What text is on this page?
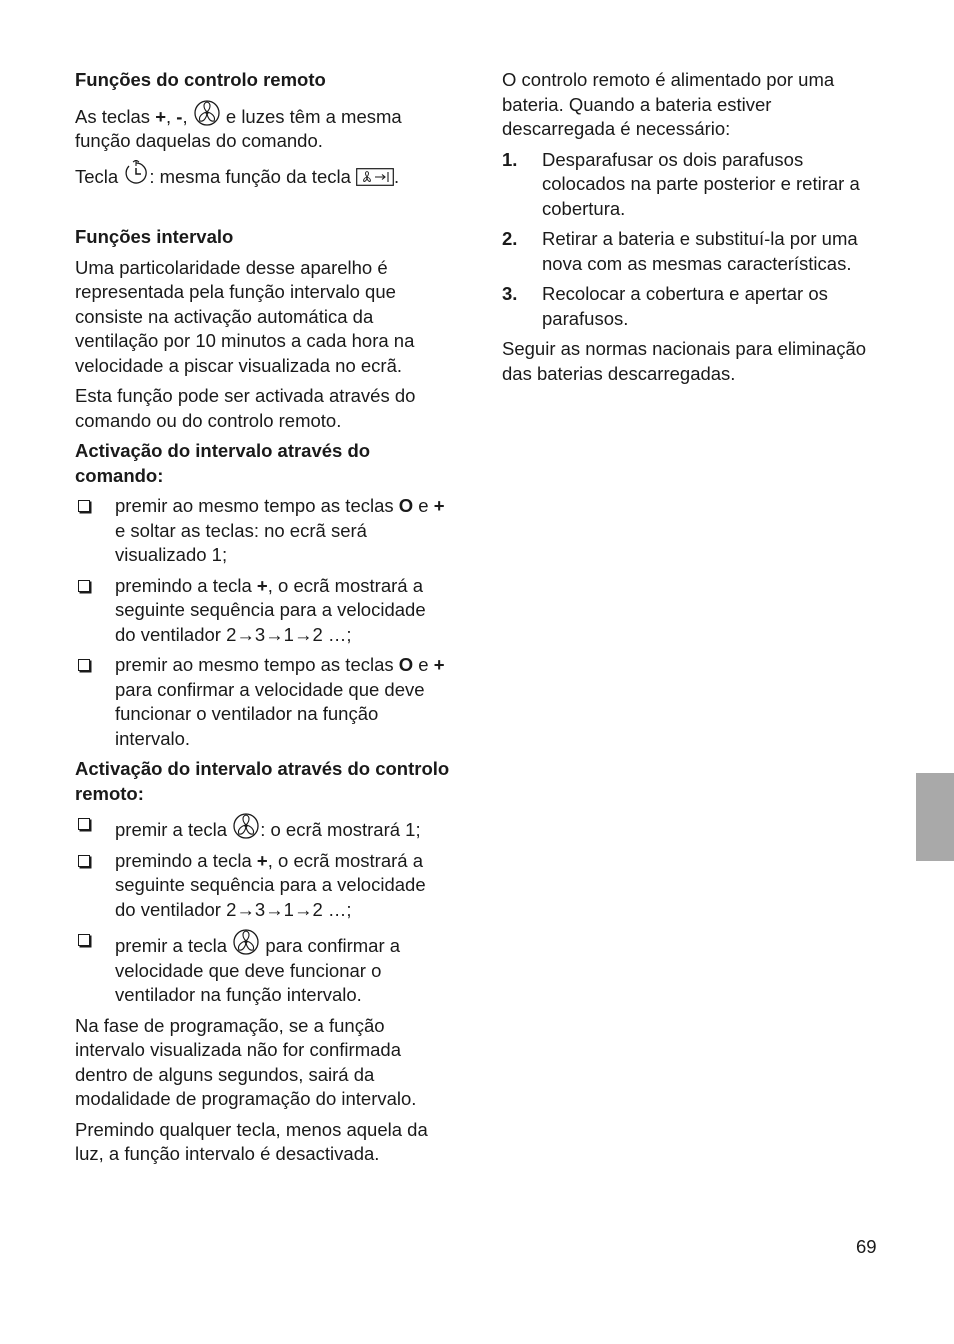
Funções do controlo remoto

As teclas +, -,  e luzes têm a mesma função daquelas do comando.

Tecla : mesma função da tecla .

Funções intervalo

Uma particolaridade desse aparelho é representada pela função intervalo que consiste na activação automática da ventilação por 10 minutos a cada hora na velocidade a piscar visualizada no ecrã.

Esta função pode ser activada através do comando ou do controlo remoto.

Activação do intervalo através do comando:
premir ao mesmo tempo as teclas O e + e soltar as teclas: no ecrã será visualizado 1;
premindo a tecla +, o ecrã mostrará a seguinte sequência para a velocidade do ventilador 2→3→1→2 …;
premir ao mesmo tempo as teclas O e + para confirmar a velocidade que deve funcionar o ventilador na função intervalo.
Activação do intervalo através do controlo remoto:
premir a tecla : o ecrã mostrará 1;
premindo a tecla +, o ecrã mostrará a seguinte sequência para a velocidade do ventilador 2→3→1→2 …;
premir a tecla  para confirmar a velocidade que deve funcionar o ventilador na função intervalo.

Na fase de programação, se a função intervalo visualizada não for confirmada dentro de alguns segundos, sairá da modalidade de programação do intervalo.

Premindo qualquer tecla, menos aquela da luz, a função intervalo é desactivada.

O controlo remoto é alimentado por uma bateria. Quando a bateria estiver descarregada é necessário:

1. Desparafusar os dois parafusos colocados na parte posterior e retirar a cobertura.
2. Retirar a bateria e substituí-la por uma nova com as mesmas características.
3. Recolocar a cobertura e apertar os parafusos.

Seguir as normas nacionais para eliminação das baterias descarregadas.

69
